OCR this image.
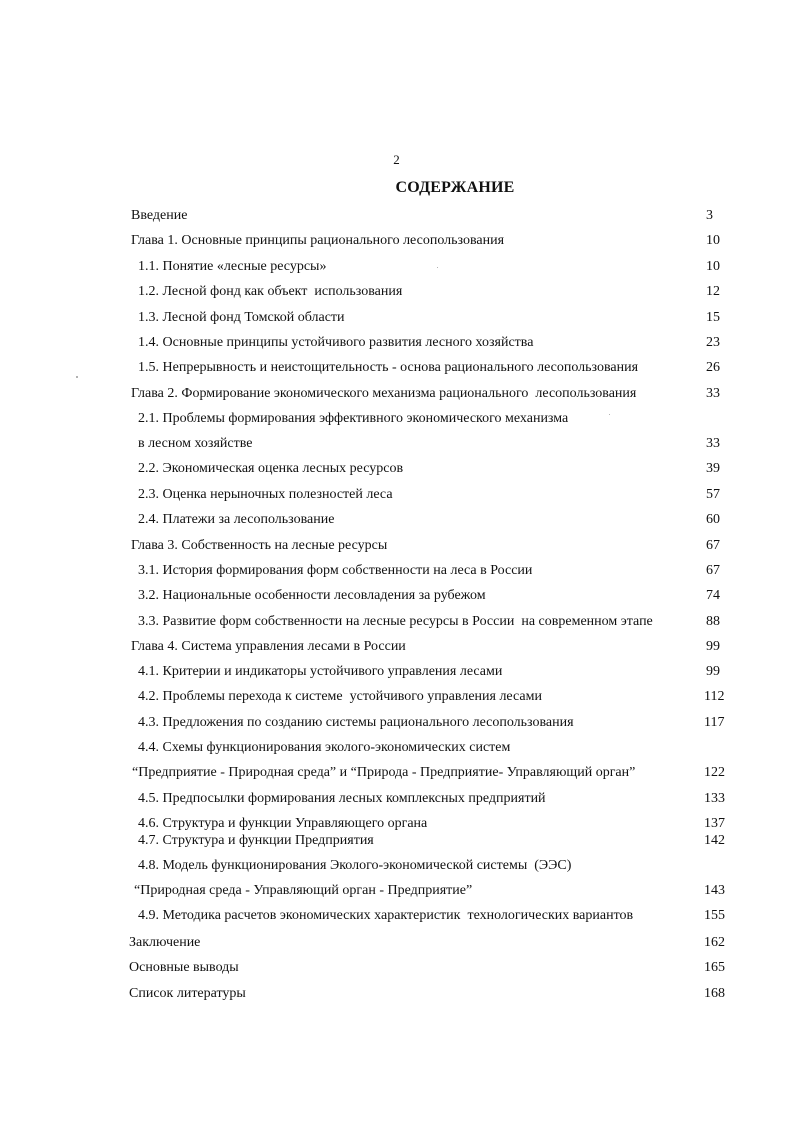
2
СОДЕРЖАНИЕ
Введение	3
Глава 1. Основные принципы рационального лесопользования	10
1.1. Понятие «лесные ресурсы»	10
1.2. Лесной фонд как объект  использования	12
1.3. Лесной фонд Томской области	15
1.4. Основные принципы устойчивого развития лесного хозяйства	23
1.5. Непрерывность и неистощительность - основа рационального лесопользования	26
Глава 2. Формирование экономического механизма рационального  лесопользования	33
2.1. Проблемы формирования эффективного экономического механизма
в лесном хозяйстве	33
2.2. Экономическая оценка лесных ресурсов	39
2.3. Оценка нерыночных полезностей леса	57
2.4. Платежи за лесопользование	60
Глава 3. Собственность на лесные ресурсы	67
3.1. История формирования форм собственности на леса в России	67
3.2. Национальные особенности лесовладения за рубежом	74
3.3. Развитие форм собственности на лесные ресурсы в России  на современном этапе	88
Глава 4. Система управления лесами в России	99
4.1. Критерии и индикаторы устойчивого управления лесами	99
4.2. Проблемы перехода к системе  устойчивого управления лесами	112
4.3. Предложения по созданию системы рационального лесопользования	117
4.4. Схемы функционирования эколого-экономических систем
“Предприятие - Природная среда” и “Природа - Предприятие- Управляющий орган”	122
4.5. Предпосылки формирования лесных комплексных предприятий	133
4.6. Структура и функции Управляющего органа	137
4.7. Структура и функции Предприятия	142
4.8. Модель функционирования Эколого-экономической системы  (ЭЭС)
“Природная среда - Управляющий орган - Предприятие”	143
4.9. Методика расчетов экономических характеристик  технологических вариантов	155
Заключение	162
Основные выводы	165
Список литературы	168
